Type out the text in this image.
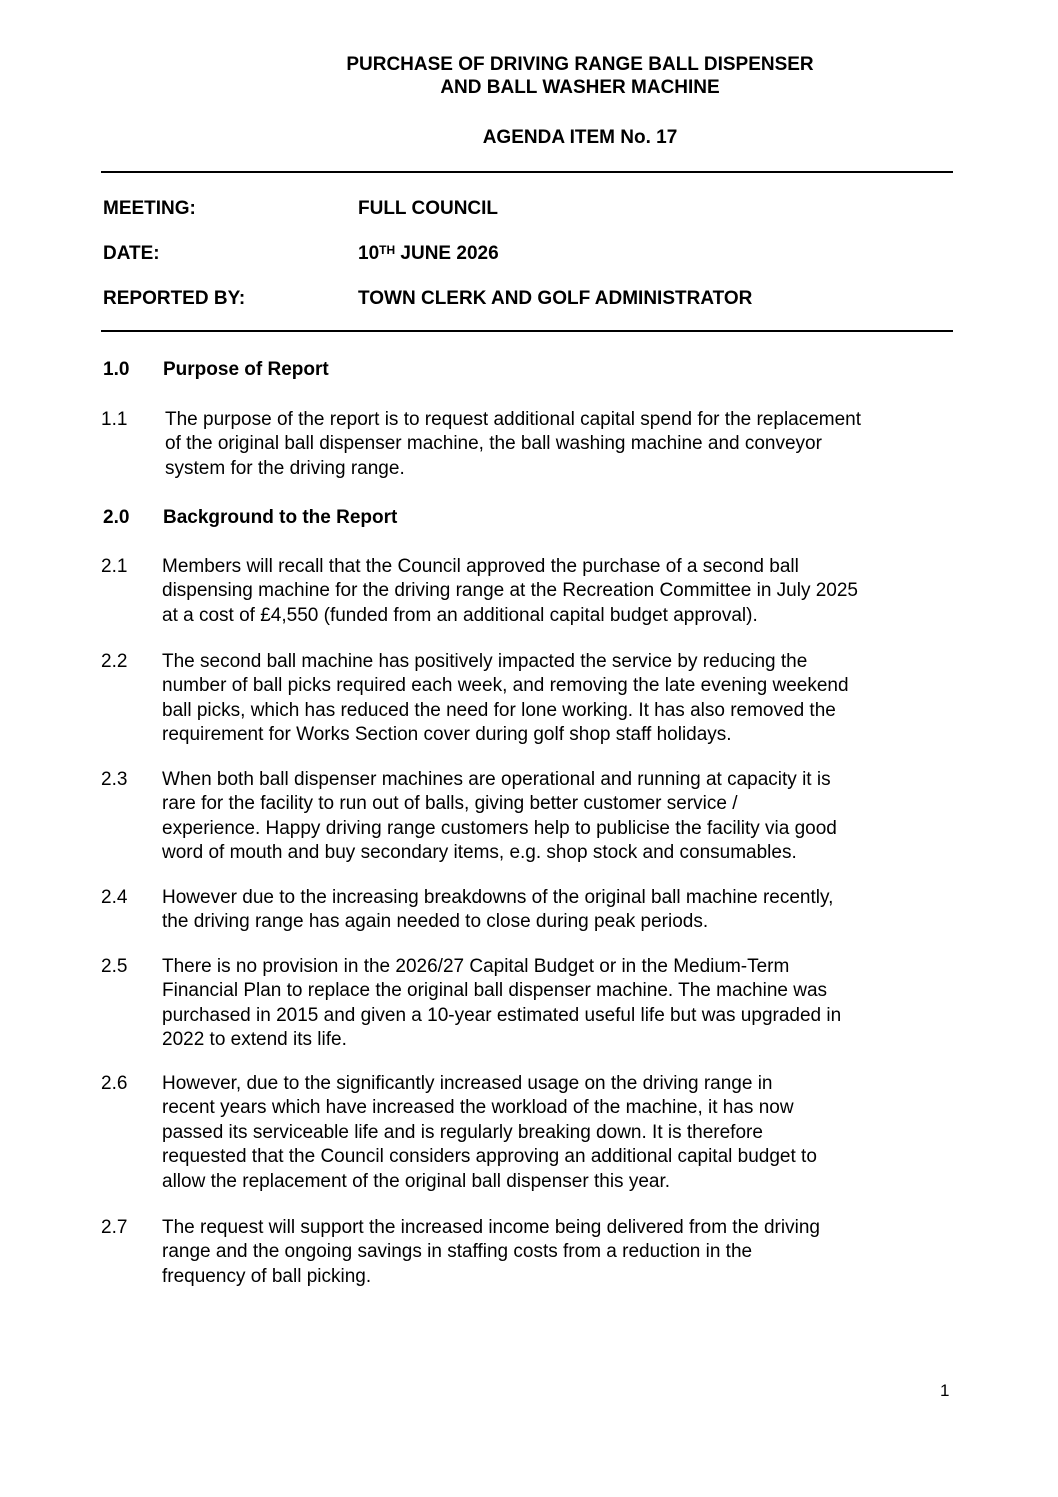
PURCHASE OF DRIVING RANGE BALL DISPENSER
AND BALL WASHER MACHINE
AGENDA ITEM No. 17
MEETING:	FULL COUNCIL
DATE:	10TH JUNE 2026
REPORTED BY:	TOWN CLERK AND GOLF ADMINISTRATOR
1.0 Purpose of Report
1.1 The purpose of the report is to request additional capital spend for the replacement
of the original ball dispenser machine, the ball washing machine and conveyor
system for the driving range.
2.0 Background to the Report
2.1 Members will recall that the Council approved the purchase of a second ball
dispensing machine for the driving range at the Recreation Committee in July 2025
at a cost of £4,550 (funded from an additional capital budget approval).
2.2 The second ball machine has positively impacted the service by reducing the
number of ball picks required each week, and removing the late evening weekend
ball picks, which has reduced the need for lone working. It has also removed the
requirement for Works Section cover during golf shop staff holidays.
2.3 When both ball dispenser machines are operational and running at capacity it is
rare for the facility to run out of balls, giving better customer service /
experience. Happy driving range customers help to publicise the facility via good
word of mouth and buy secondary items, e.g. shop stock and consumables.
2.4 However due to the increasing breakdowns of the original ball machine recently,
the driving range has again needed to close during peak periods.
2.5 There is no provision in the 2026/27 Capital Budget or in the Medium-Term
Financial Plan to replace the original ball dispenser machine. The machine was
purchased in 2015 and given a 10-year estimated useful life but was upgraded in
2022 to extend its life.
2.6 However, due to the significantly increased usage on the driving range in
recent years which have increased the workload of the machine, it has now
passed its serviceable life and is regularly breaking down. It is therefore
requested that the Council considers approving an additional capital budget to
allow the replacement of the original ball dispenser this year.
2.7 The request will support the increased income being delivered from the driving
range and the ongoing savings in staffing costs from a reduction in the
frequency of ball picking.
1
